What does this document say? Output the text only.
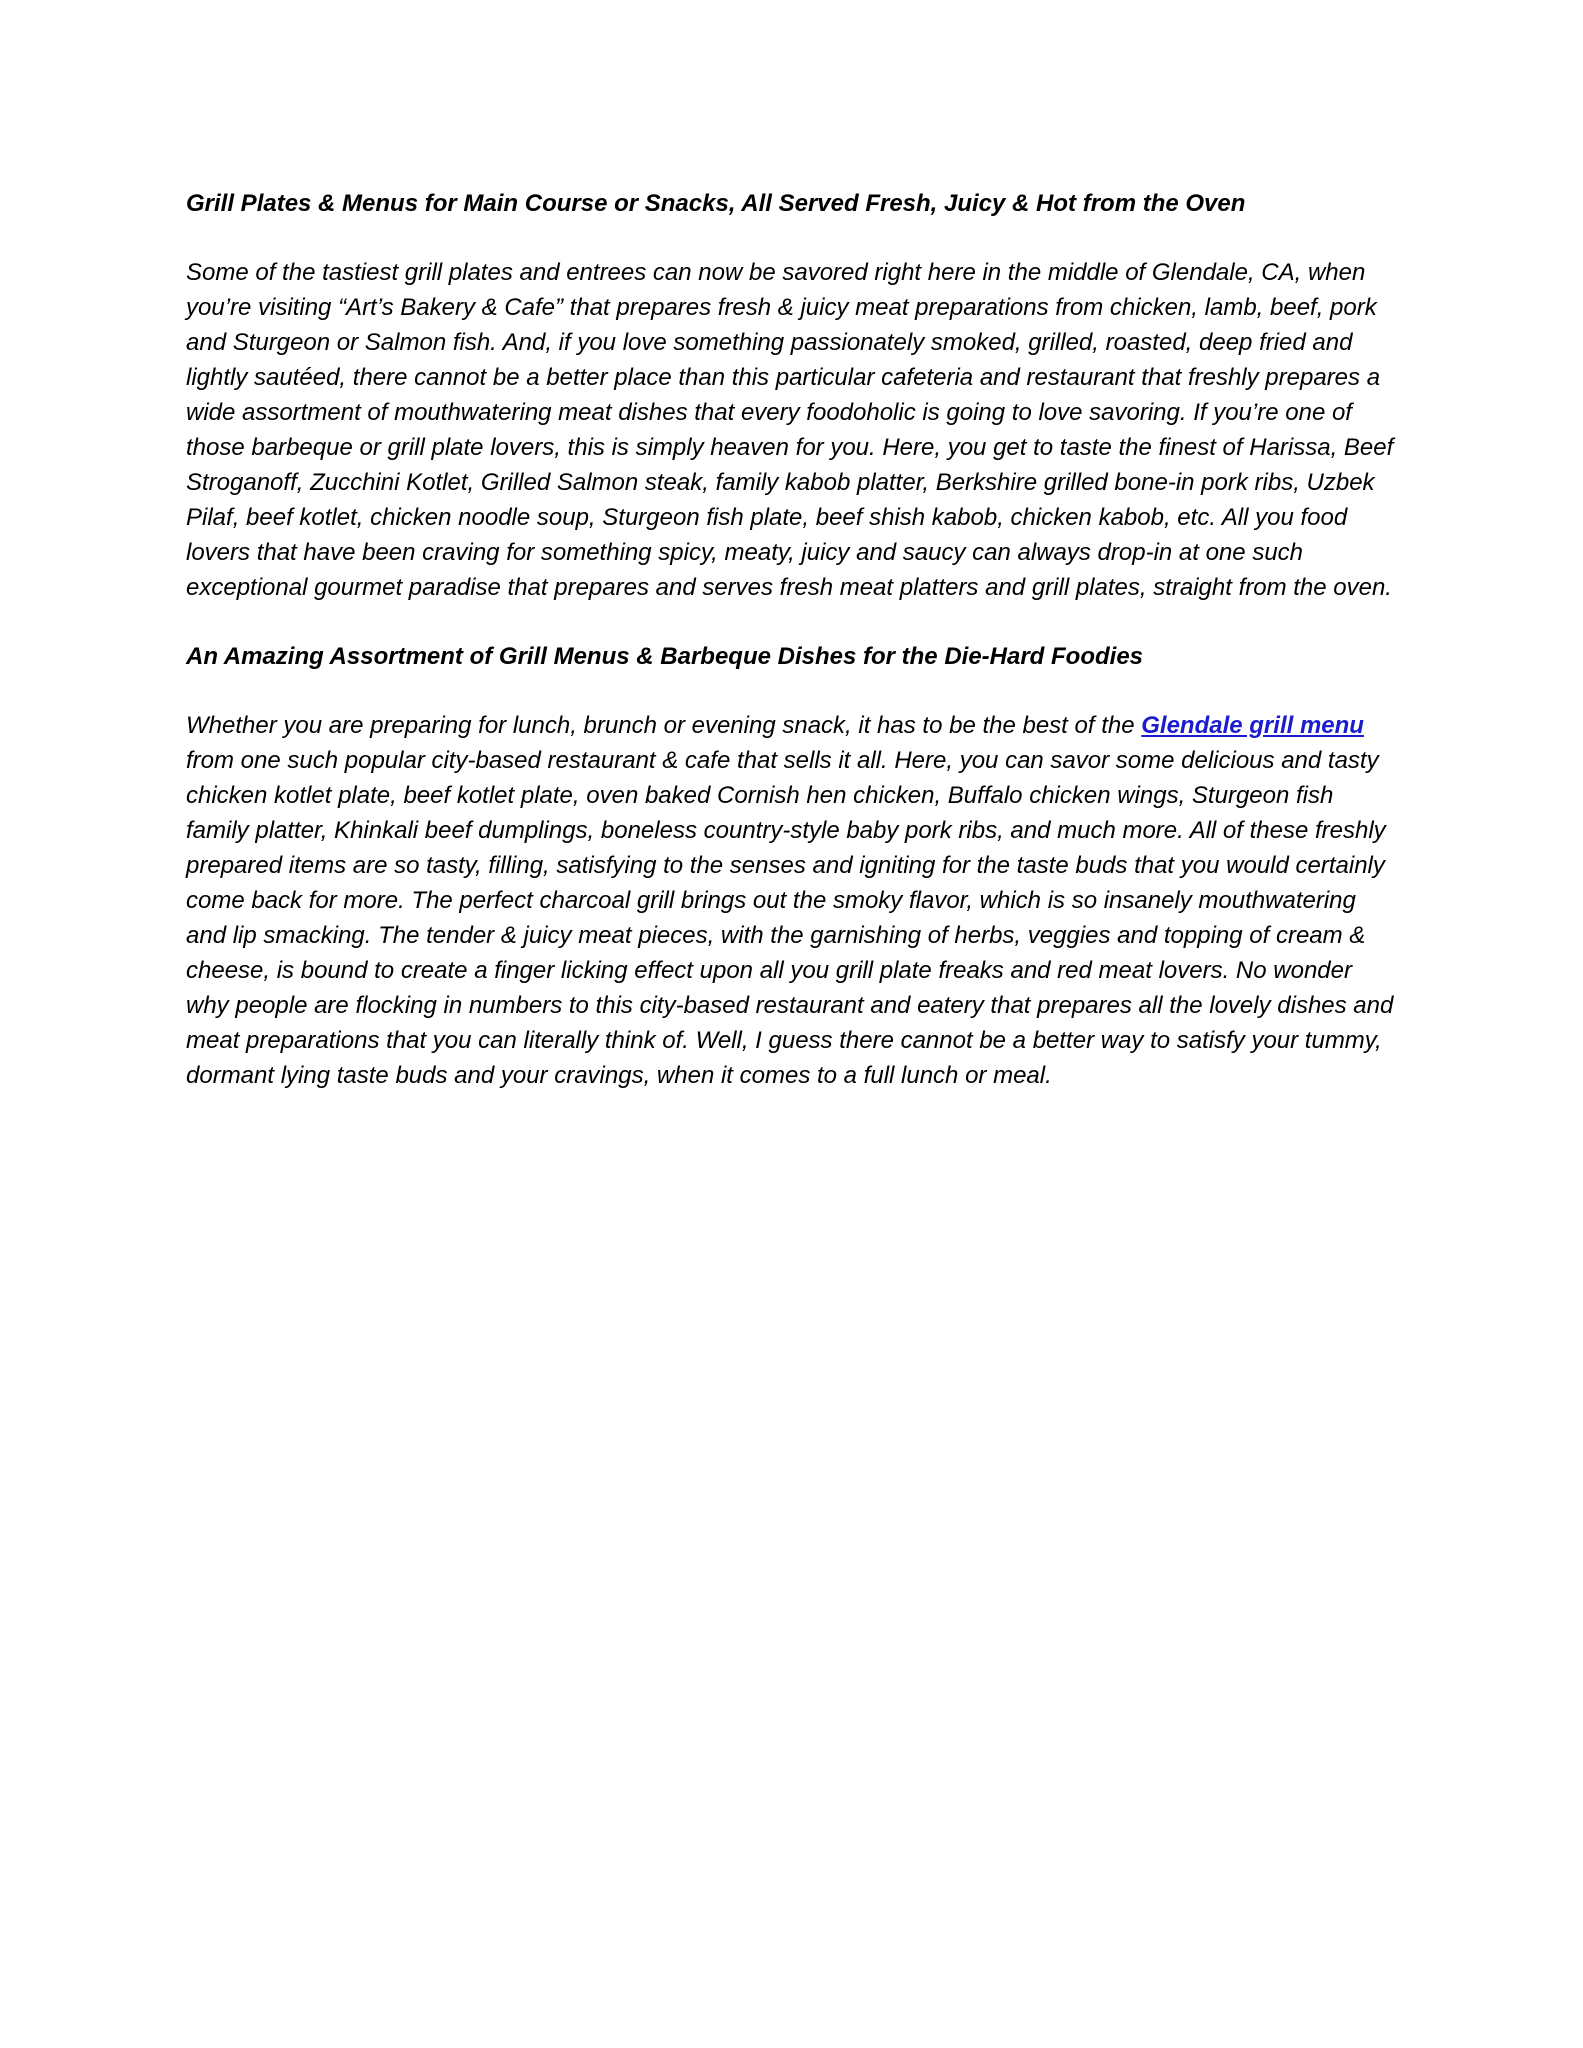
Grill Plates & Menus for Main Course or Snacks, All Served Fresh, Juicy & Hot from the Oven

Some of the tastiest grill plates and entrees can now be savored right here in the middle of Glendale, CA, when you’re visiting “Art’s Bakery & Cafe” that prepares fresh & juicy meat preparations from chicken, lamb, beef, pork and Sturgeon or Salmon fish. And, if you love something passionately smoked, grilled, roasted, deep fried and lightly sautéed, there cannot be a better place than this particular cafeteria and restaurant that freshly prepares a wide assortment of mouthwatering meat dishes that every foodoholic is going to love savoring. If you’re one of those barbeque or grill plate lovers, this is simply heaven for you. Here, you get to taste the finest of Harissa, Beef Stroganoff, Zucchini Kotlet, Grilled Salmon steak, family kabob platter, Berkshire grilled bone-in pork ribs, Uzbek Pilaf, beef kotlet, chicken noodle soup, Sturgeon fish plate, beef shish kabob, chicken kabob, etc. All you food lovers that have been craving for something spicy, meaty, juicy and saucy can always drop-in at one such exceptional gourmet paradise that prepares and serves fresh meat platters and grill plates, straight from the oven.

An Amazing Assortment of Grill Menus & Barbeque Dishes for the Die-Hard Foodies

Whether you are preparing for lunch, brunch or evening snack, it has to be the best of the Glendale grill menu from one such popular city-based restaurant & cafe that sells it all. Here, you can savor some delicious and tasty chicken kotlet plate, beef kotlet plate, oven baked Cornish hen chicken, Buffalo chicken wings, Sturgeon fish family platter, Khinkali beef dumplings, boneless country-style baby pork ribs, and much more. All of these freshly prepared items are so tasty, filling, satisfying to the senses and igniting for the taste buds that you would certainly come back for more. The perfect charcoal grill brings out the smoky flavor, which is so insanely mouthwatering and lip smacking. The tender & juicy meat pieces, with the garnishing of herbs, veggies and topping of cream & cheese, is bound to create a finger licking effect upon all you grill plate freaks and red meat lovers. No wonder why people are flocking in numbers to this city-based restaurant and eatery that prepares all the lovely dishes and meat preparations that you can literally think of. Well, I guess there cannot be a better way to satisfy your tummy, dormant lying taste buds and your cravings, when it comes to a full lunch or meal.
